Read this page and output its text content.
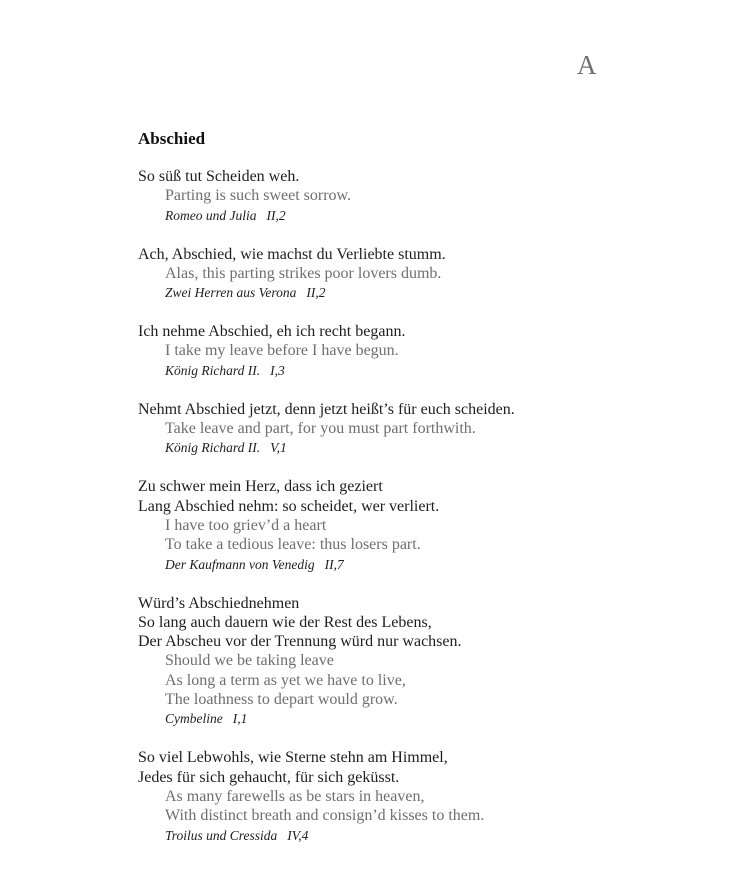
A
Abschied
So süß tut Scheiden weh.
Parting is such sweet sorrow.
Romeo und Julia II,2
Ach, Abschied, wie machst du Verliebte stumm.
Alas, this parting strikes poor lovers dumb.
Zwei Herren aus Verona II,2
Ich nehme Abschied, eh ich recht begann.
I take my leave before I have begun.
König Richard II. I,3
Nehmt Abschied jetzt, denn jetzt heißt’s für euch scheiden.
Take leave and part, for you must part forthwith.
König Richard II. V,1
Zu schwer mein Herz, dass ich geziert
Lang Abschied nehm: so scheidet, wer verliert.
I have too griev’d a heart
To take a tedious leave: thus losers part.
Der Kaufmann von Venedig II,7
Würd’s Abschiednehmen
So lang auch dauern wie der Rest des Lebens,
Der Abscheu vor der Trennung würd nur wachsen.
Should we be taking leave
As long a term as yet we have to live,
The loathness to depart would grow.
Cymbeline I,1
So viel Lebwohls, wie Sterne stehn am Himmel,
Jedes für sich gehaucht, für sich geküsst.
As many farewells as be stars in heaven,
With distinct breath and consign’d kisses to them.
Troilus und Cressida IV,4
